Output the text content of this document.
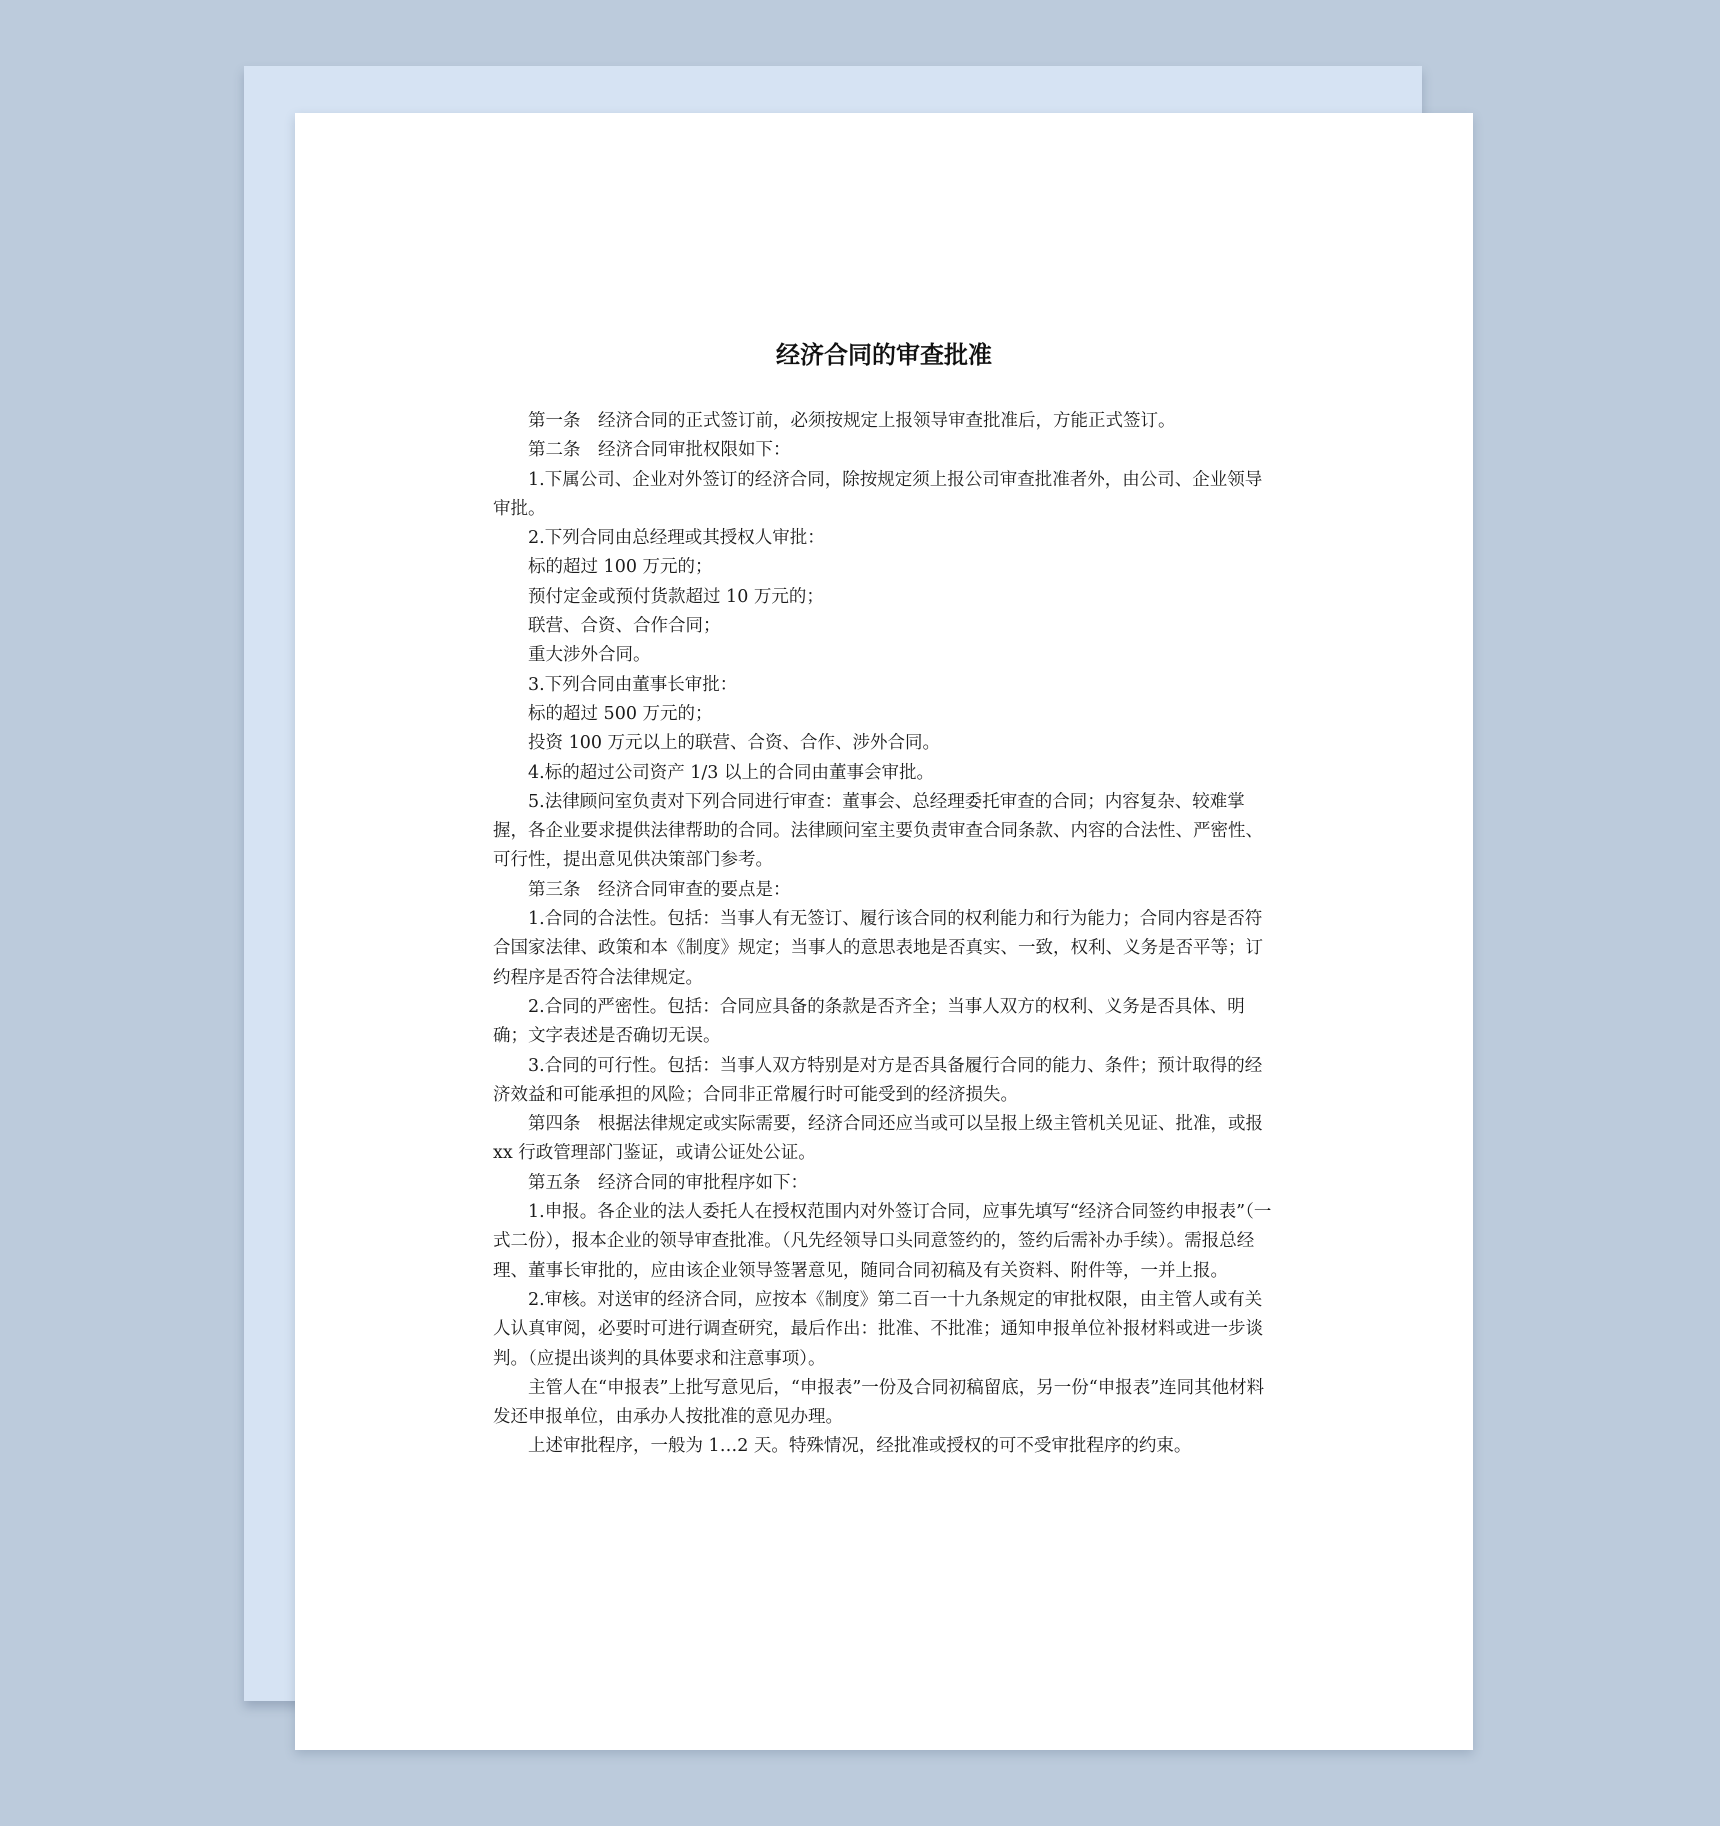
经济合同的审查批准

第一条　经济合同的正式签订前，必须按规定上报领导审查批准后，方能正式签订。

第二条　经济合同审批权限如下：

1.下属公司、企业对外签订的经济合同，除按规定须上报公司审查批准者外，由公司、企业领导审批。

2.下列合同由总经理或其授权人审批：

标的超过 100 万元的；

预付定金或预付货款超过 10 万元的；

联营、合资、合作合同；

重大涉外合同。

3.下列合同由董事长审批：

标的超过 500 万元的；

投资 100 万元以上的联营、合资、合作、涉外合同。

4.标的超过公司资产 1/3 以上的合同由董事会审批。

5.法律顾问室负责对下列合同进行审查：董事会、总经理委托审查的合同；内容复杂、较难掌握，各企业要求提供法律帮助的合同。法律顾问室主要负责审查合同条款、内容的合法性、严密性、可行性，提出意见供决策部门参考。

第三条　经济合同审查的要点是：

1.合同的合法性。包括：当事人有无签订、履行该合同的权利能力和行为能力；合同内容是否符合国家法律、政策和本《制度》规定；当事人的意思表地是否真实、一致，权利、义务是否平等；订约程序是否符合法律规定。

2.合同的严密性。包括：合同应具备的条款是否齐全；当事人双方的权利、义务是否具体、明确；文字表述是否确切无误。

3.合同的可行性。包括：当事人双方特别是对方是否具备履行合同的能力、条件；预计取得的经济效益和可能承担的风险；合同非正常履行时可能受到的经济损失。

第四条　根据法律规定或实际需要，经济合同还应当或可以呈报上级主管机关见证、批准，或报 xx 行政管理部门鉴证，或请公证处公证。

第五条　经济合同的审批程序如下：

1.申报。各企业的法人委托人在授权范围内对外签订合同，应事先填写“经济合同签约申报表”（一式二份），报本企业的领导审查批准。（凡先经领导口头同意签约的，签约后需补办手续）。需报总经理、董事长审批的，应由该企业领导签署意见，随同合同初稿及有关资料、附件等，一并上报。

2.审核。对送审的经济合同，应按本《制度》第二百一十九条规定的审批权限，由主管人或有关人认真审阅，必要时可进行调查研究，最后作出：批准、不批准；通知申报单位补报材料或进一步谈判。（应提出谈判的具体要求和注意事项）。

主管人在“申报表”上批写意见后，“申报表”一份及合同初稿留底，另一份“申报表”连同其他材料发还申报单位，由承办人按批准的意见办理。

上述审批程序，一般为 1…2 天。特殊情况，经批准或授权的可不受审批程序的约束。
